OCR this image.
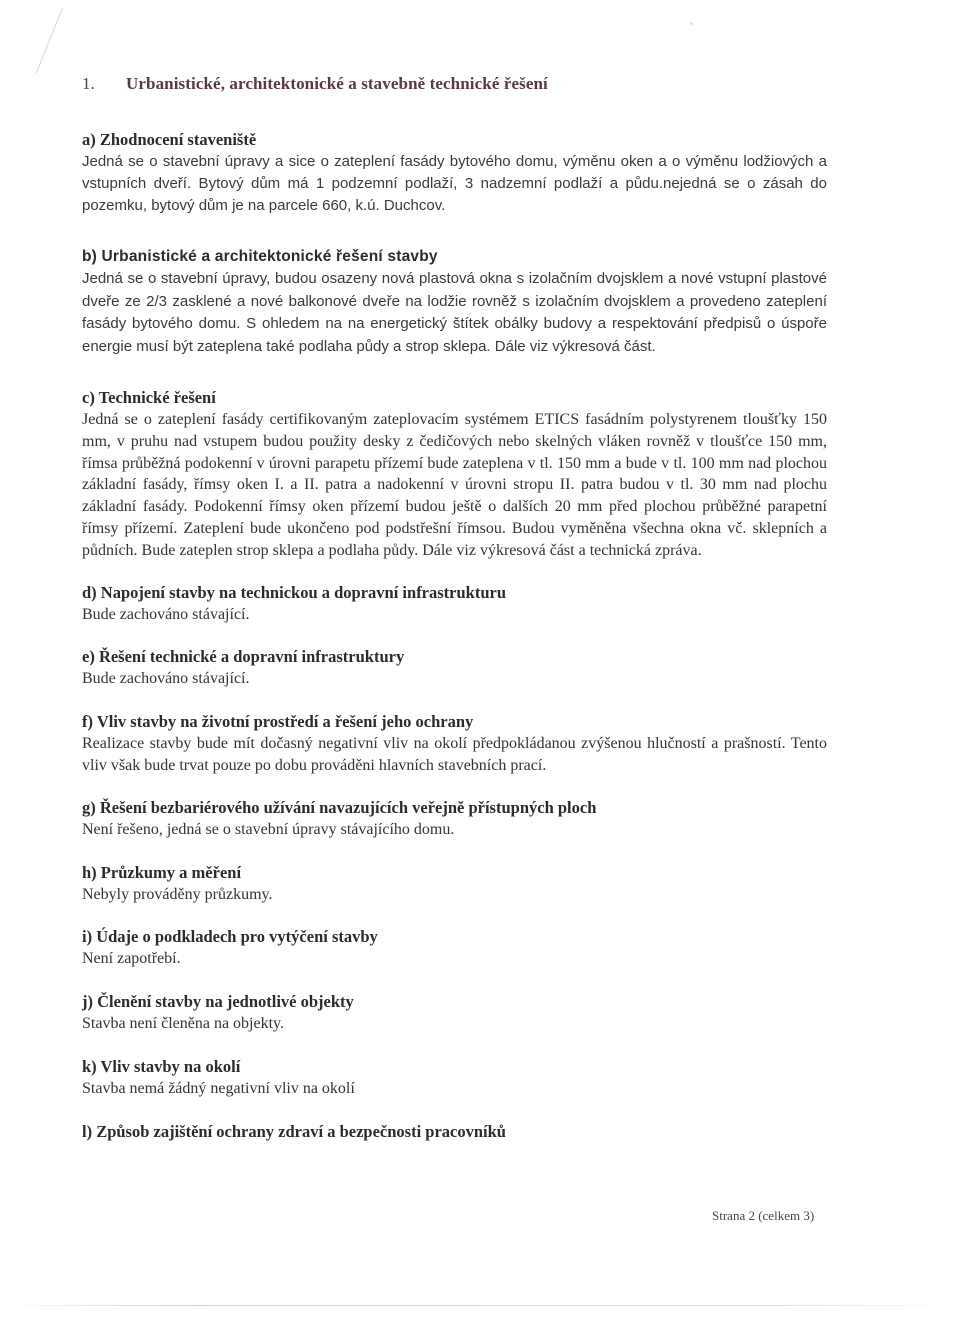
1. Urbanistické, architektonické a stavebně technické řešení

a) Zhodnocení staveniště

Jedná se o stavební úpravy a sice o zateplení fasády bytového domu, výměnu oken a o výměnu lodžiových a vstupních dveří. Bytový dům má 1 podzemní podlaží, 3 nadzemní podlaží a půdu.nejedná se o zásah do pozemku, bytový dům je na parcele 660, k.ú. Duchcov.

b) Urbanistické a architektonické řešení stavby

Jedná se o stavební úpravy, budou osazeny nová plastová okna s izolačním dvojsklem a nové vstupní plastové dveře ze 2/3 zasklené a nové balkonové dveře na lodžie rovněž s izolačním dvojsklem a provedeno zateplení fasády bytového domu. S ohledem na na energetický štítek obálky budovy a respektování předpisů o úspoře energie musí být zateplena také podlaha půdy a strop sklepa. Dále viz výkresová část.

c) Technické řešení

Jedná se o zateplení fasády certifikovaným zateplovacím systémem ETICS fasádním polystyrenem tloušťky 150 mm, v pruhu nad vstupem budou použity desky z čedičových nebo skelných vláken rovněž v tloušťce 150 mm, římsa průběžná podokenní v úrovni parapetu přízemí bude zateplena v tl. 150 mm a bude v tl. 100 mm nad plochou základní fasády, římsy oken I. a II. patra a nadokenní v úrovni stropu II. patra budou v tl. 30 mm nad plochu základní fasády. Podokenní římsy oken přízemí budou ještě o dalších 20 mm před plochou průběžné parapetní římsy přízemí. Zateplení bude ukončeno pod podstřešní římsou. Budou vyměněna všechna okna vč. sklepních a půdních. Bude zateplen strop sklepa a podlaha půdy. Dále viz výkresová část a technická zpráva.

d) Napojení stavby na technickou a dopravní infrastrukturu

Bude zachováno stávající.

e) Řešení technické a dopravní infrastruktury

Bude zachováno stávající.

f) Vliv stavby na životní prostředí a řešení jeho ochrany

Realizace stavby bude mít dočasný negativní vliv na okolí předpokládanou zvýšenou hlučností a prašností. Tento vliv však bude trvat pouze po dobu prováděni hlavních stavebních prací.

g) Řešení bezbariérového užívání navazujících veřejně přístupných ploch

Není řešeno, jedná se o stavební úpravy stávajícího domu.

h) Průzkumy a měření

Nebyly prováděny průzkumy.

i) Údaje o podkladech pro vytýčení stavby

Není zapotřebí.

j) Členění stavby na jednotlivé objekty

Stavba není členěna na objekty.

k) Vliv stavby na okolí

Stavba nemá žádný negativní vliv na okolí

l) Způsob zajištění ochrany zdraví a bezpečnosti pracovníků

Strana 2 (celkem 3)
